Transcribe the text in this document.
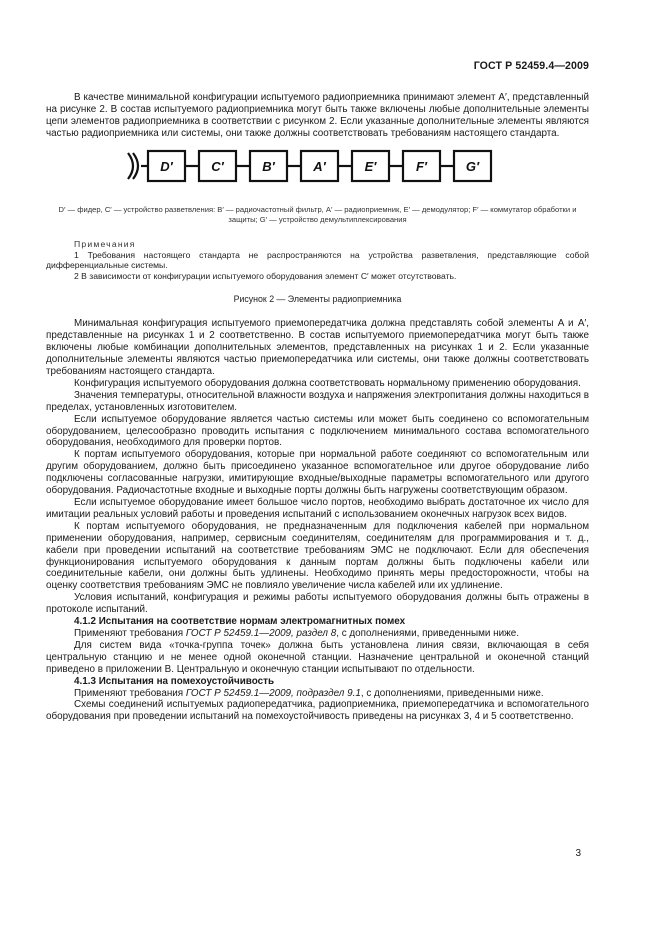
ГОСТ Р 52459.4—2009

В качестве минимальной конфигурации испытуемого радиоприемника принимают элемент A′, представленный на рисунке 2. В состав испытуемого радиоприемника могут быть также включены любые дополнительные элементы цепи элементов радиоприемника в соответствии с рисунком 2. Если указанные дополнительные элементы являются частью радиоприемника или системы, они также должны соответствовать требованиям настоящего стандарта.

D′	C′	B′	A′	E′	F′	G′

D′ — фидер, C′ — устройство разветвления: B′ — радиочастотный фильтр, A′ — радиоприемник, E′ — демодулятор; F′ — коммутатор обработки и защиты; G′ — устройство демультиплексирования

Примечания

1 Требования настоящего стандарта не распространяются на устройства разветвления, представляющие собой дифференциальные системы.

2 В зависимости от конфигурации испытуемого оборудования элемент C′ может отсутствовать.

Рисунок 2 — Элементы радиоприемника

Минимальная конфигурация испытуемого приемопередатчика должна представлять собой элементы A и A′, представленные на рисунках 1 и 2 соответственно. В состав испытуемого приемопередатчика могут быть также включены любые комбинации дополнительных элементов, представленных на рисунках 1 и 2. Если указанные дополнительные элементы являются частью приемопередатчика или системы, они также должны соответствовать требованиям настоящего стандарта.

Конфигурация испытуемого оборудования должна соответствовать нормальному применению оборудования.

Значения температуры, относительной влажности воздуха и напряжения электропитания должны находиться в пределах, установленных изготовителем.

Если испытуемое оборудование является частью системы или может быть соединено со вспомогательным оборудованием, целесообразно проводить испытания с подключением минимального состава вспомогательного оборудования, необходимого для проверки портов.

К портам испытуемого оборудования, которые при нормальной работе соединяют со вспомогательным или другим оборудованием, должно быть присоединено указанное вспомогательное или другое оборудование либо подключены согласованные нагрузки, имитирующие входные/выходные параметры вспомогательного или другого оборудования. Радиочастотные входные и выходные порты должны быть нагружены соответствующим образом.

Если испытуемое оборудование имеет большое число портов, необходимо выбрать достаточное их число для имитации реальных условий работы и проведения испытаний с использованием оконечных нагрузок всех видов.

К портам испытуемого оборудования, не предназначенным для подключения кабелей при нормальном применении оборудования, например, сервисным соединителям, соединителям для программирования и т. д., кабели при проведении испытаний на соответствие требованиям ЭМС не подключают. Если для обеспечения функционирования испытуемого оборудования к данным портам должны быть подключены кабели или соединительные кабели, они должны быть удлинены. Необходимо принять меры предосторожности, чтобы на оценку соответствия требованиям ЭМС не повлияло увеличение числа кабелей или их удлинение.

Условия испытаний, конфигурация и режимы работы испытуемого оборудования должны быть отражены в протоколе испытаний.

4.1.2 Испытания на соответствие нормам электромагнитных помех

Применяют требования ГОСТ Р 52459.1—2009, раздел 8, с дополнениями, приведенными ниже.

Для систем вида «точка-группа точек» должна быть установлена линия связи, включающая в себя центральную станцию и не менее одной оконечной станции. Назначение центральной и оконечной станций приведено в приложении В. Центральную и оконечную станции испытывают по отдельности.

4.1.3 Испытания на помехоустойчивость

Применяют требования ГОСТ Р 52459.1—2009, подраздел 9.1, с дополнениями, приведенными ниже.

Схемы соединений испытуемых радиопередатчика, радиоприемника, приемопередатчика и вспомогательного оборудования при проведении испытаний на помехоустойчивость приведены на рисунках 3, 4 и 5 соответственно.

3
